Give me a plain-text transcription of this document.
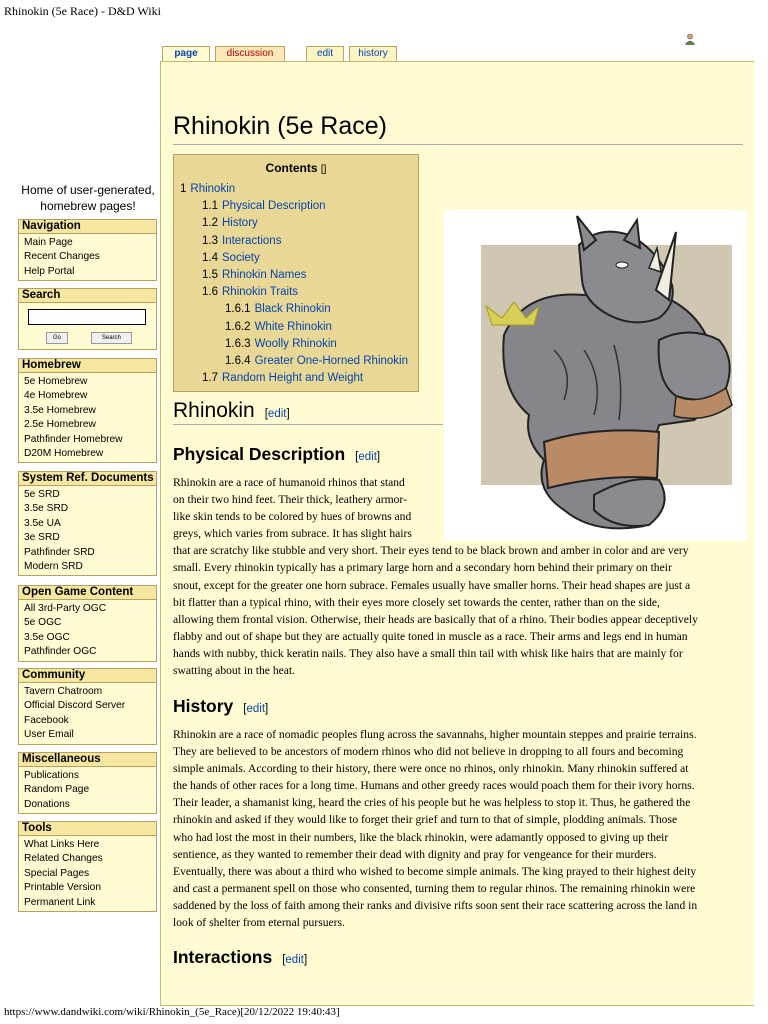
Rhinokin (5e Race) - D&D Wiki
page	discussion	edit	history
Rhinokin (5e Race)
Contents []
1 Rhinokin
1.1 Physical Description
1.2 History
1.3 Interactions
1.4 Society
1.5 Rhinokin Names
1.6 Rhinokin Traits
1.6.1 Black Rhinokin
1.6.2 White Rhinokin
1.6.3 Woolly Rhinokin
1.6.4 Greater One-Horned Rhinokin
1.7 Random Height and Weight
Rhinokin [edit]
Physical Description [edit]
Rhinokin are a race of humanoid rhinos that stand
on their two hind feet. Their thick, leathery armor-
like skin tends to be colored by hues of browns and
greys, which varies from subrace. It has slight hairs
that are scratchy like stubble and very short. Their eyes tend to be black brown and amber in color and are very
small. Every rhinokin typically has a primary large horn and a secondary horn behind their primary on their
snout, except for the greater one horn subrace. Females usually have smaller horns. Their head shapes are just a
bit flatter than a typical rhino, with their eyes more closely set towards the center, rather than on the side,
allowing them frontal vision. Otherwise, their heads are basically that of a rhino. Their bodies appear deceptively
flabby and out of shape but they are actually quite toned in muscle as a race. Their arms and legs end in human
hands with nubby, thick keratin nails. They also have a small thin tail with whisk like hairs that are mainly for
swatting about in the heat.
History [edit]
Rhinokin are a race of nomadic peoples flung across the savannahs, higher mountain steppes and prairie terrains.
They are believed to be ancestors of modern rhinos who did not believe in dropping to all fours and becoming
simple animals. According to their history, there were once no rhinos, only rhinokin. Many rhinokin suffered at
the hands of other races for a long time. Humans and other greedy races would poach them for their ivory horns.
Their leader, a shamanist king, heard the cries of his people but he was helpless to stop it. Thus, he gathered the
rhinokin and asked if they would like to forget their grief and turn to that of simple, plodding animals. Those
who had lost the most in their numbers, like the black rhinokin, were adamantly opposed to giving up their
sentience, as they wanted to remember their dead with dignity and pray for vengeance for their murders.
Eventually, there was about a third who wished to become simple animals. The king prayed to their highest deity
and cast a permanent spell on those who consented, turning them to regular rhinos. The remaining rhinokin were
saddened by the loss of faith among their ranks and divisive rifts soon sent their race scattering across the land in
look of shelter from eternal pursuers.
Interactions [edit]
Home of user-generated,
homebrew pages!
Navigation
Main Page
Recent Changes
Help Portal
Search
Go	Search
Homebrew
5e Homebrew
4e Homebrew
3.5e Homebrew
2.5e Homebrew
Pathfinder Homebrew
D20M Homebrew
System Ref. Documents
5e SRD
3.5e SRD
3.5e UA
3e SRD
Pathfinder SRD
Modern SRD
Open Game Content
All 3rd-Party OGC
5e OGC
3.5e OGC
Pathfinder OGC
Community
Tavern Chatroom
Official Discord Server
Facebook
User Email
Miscellaneous
Publications
Random Page
Donations
Tools
What Links Here
Related Changes
Special Pages
Printable Version
Permanent Link
https://www.dandwiki.com/wiki/Rhinokin_(5e_Race)[20/12/2022 19:40:43]
